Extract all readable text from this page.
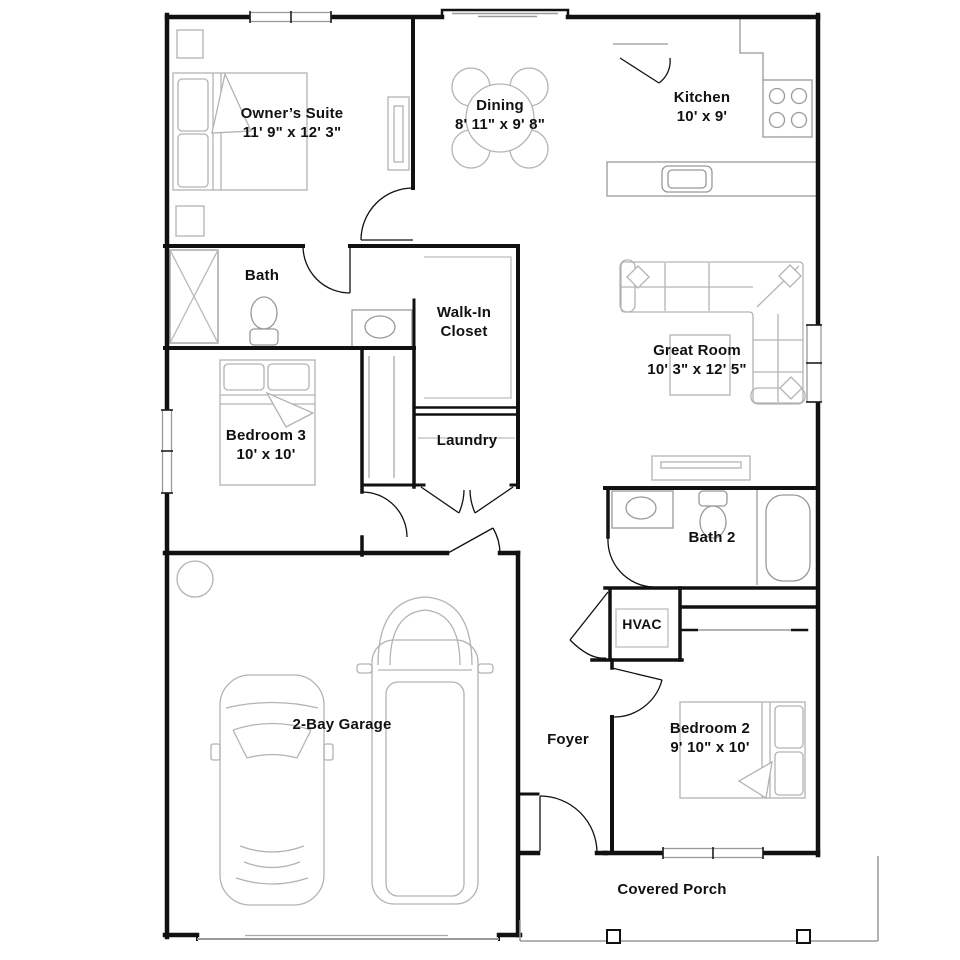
Owner’s Suite
11' 9" x 12' 3"
Dining
8' 11" x 9' 8"
Kitchen
10' x 9'
Bath
Walk-In Closet
Great Room
10' 3" x 12' 5"
Bedroom 3
10' x 10'
Laundry
Bath 2
HVAC
2-Bay Garage
Foyer
Bedroom 2
9' 10" x 10'
Covered Porch
